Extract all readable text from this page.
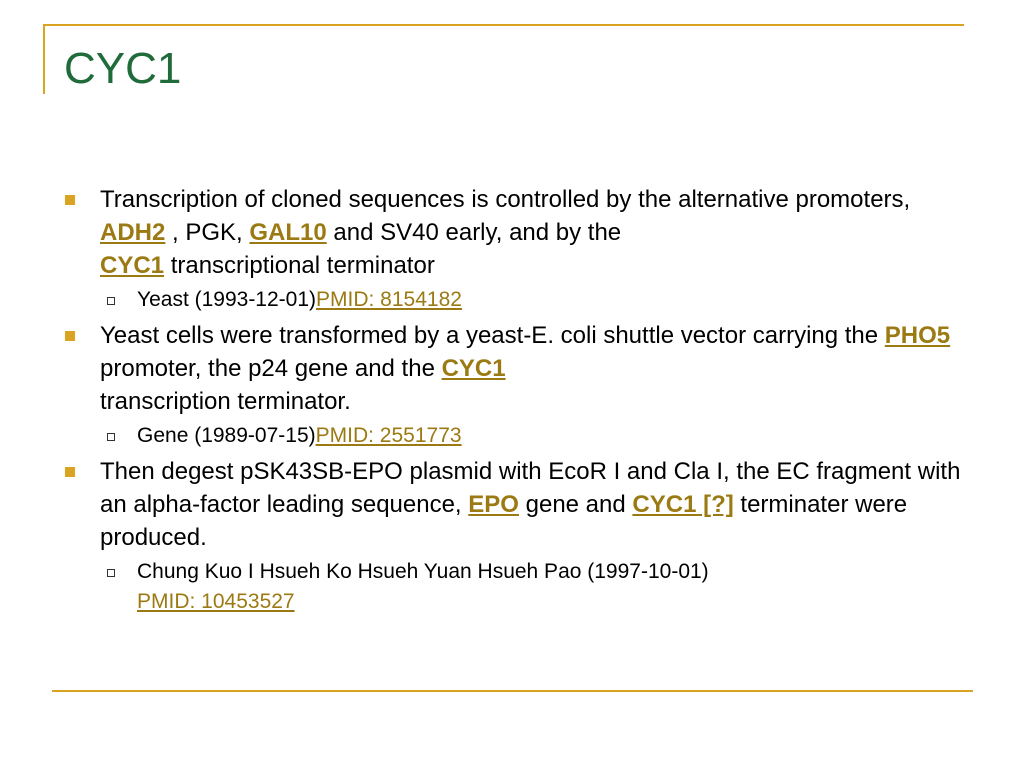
CYC1
Transcription of cloned sequences is controlled by the alternative promoters, ADH2 , PGK, GAL10 and SV40 early, and by the
CYC1 transcriptional terminator
Yeast (1993-12-01)PMID: 8154182
Yeast cells were transformed by a yeast-E. coli shuttle vector carrying the PHO5 promoter, the p24 gene and the CYC1
transcription terminator.
Gene (1989-07-15)PMID: 2551773
Then degest pSK43SB-EPO plasmid with EcoR I and Cla I, the EC fragment with an alpha-factor leading sequence, EPO gene and CYC1 [?] terminater were produced.
Chung Kuo I Hsueh Ko Hsueh Yuan Hsueh Pao (1997-10-01)
PMID: 10453527
